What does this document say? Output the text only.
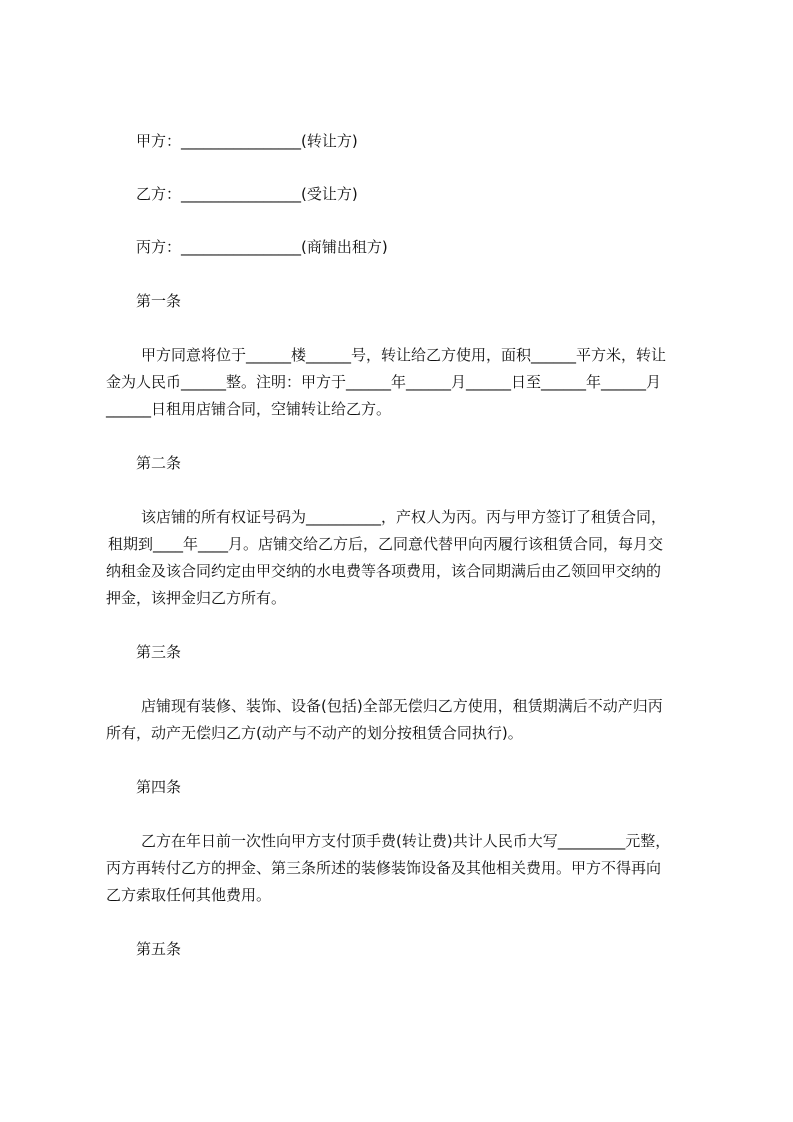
甲方：________________(转让方)
乙方：________________(受让方)
丙方：________________(商铺出租方)
第一条
甲方同意将位于______楼______号，转让给乙方使用，面积______平方米，转让
金为人民币______整。注明：甲方于______年______月______日至______年______月
______日租用店铺合同，空铺转让给乙方。
第二条
该店铺的所有权证号码为__________，产权人为丙。丙与甲方签订了租赁合同，
租期到____年____月。店铺交给乙方后，乙同意代替甲向丙履行该租赁合同，每月交
纳租金及该合同约定由甲交纳的水电费等各项费用，该合同期满后由乙领回甲交纳的
押金，该押金归乙方所有。
第三条
店铺现有装修、装饰、设备(包括)全部无偿归乙方使用，租赁期满后不动产归丙
所有，动产无偿归乙方(动产与不动产的划分按租赁合同执行)。
第四条
乙方在年日前一次性向甲方支付顶手费(转让费)共计人民币大写_________元整，
丙方再转付乙方的押金、第三条所述的装修装饰设备及其他相关费用。甲方不得再向
乙方索取任何其他费用。
第五条
